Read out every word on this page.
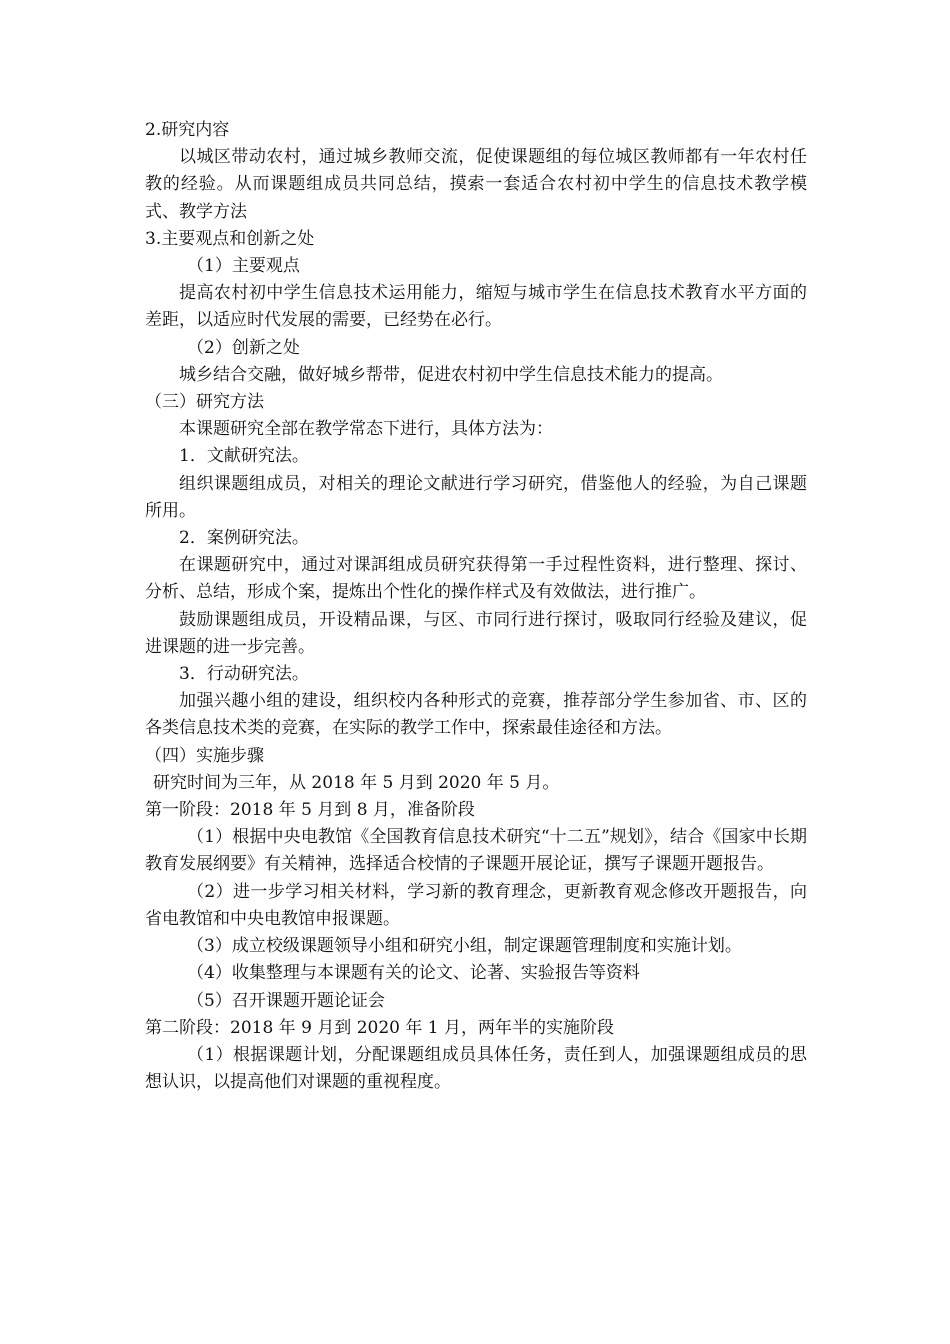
2.研究内容

以城区带动农村，通过城乡教师交流，促使课题组的每位城区教师都有一年农村任教的经验。从而课题组成员共同总结，摸索一套适合农村初中学生的信息技术教学模式、教学方法

3.主要观点和创新之处

（1）主要观点

提高农村初中学生信息技术运用能力，缩短与城市学生在信息技术教育水平方面的差距，以适应时代发展的需要，已经势在必行。

（2）创新之处

城乡结合交融，做好城乡帮带，促进农村初中学生信息技术能力的提高。

（三）研究方法

本课题研究全部在教学常态下进行，具体方法为：

1．文献研究法。

组织课题组成员，对相关的理论文献进行学习研究，借鉴他人的经验，为自己课题所用。

2．案例研究法。

在课题研究中，通过对课誀组成员研究获得第一手过程性资料，进行整理、探讨、分析、总结，形成个案，提炼出个性化的操作样式及有效做法，进行推广。

鼓励课题组成员，开设精品课，与区、市同行进行探讨，吸取同行经验及建议，促进课题的进一步完善。

3．行动研究法。

加强兴趣小组的建设，组织校内各种形式的竞赛，推荐部分学生参加省、市、区的各类信息技术类的竞赛，在实际的教学工作中，探索最佳途径和方法。

（四）实施步骤

研究时间为三年，从 2018 年 5 月到 2020 年 5 月。

第一阶段：2018 年 5 月到 8 月，准备阶段

（1）根据中央电教馆《全国教育信息技术研究“十二五”规划》，结合《国家中长期教育发展纲要》有关精神，选择适合校情的子课题开展论证，撰写子课题开题报告。

（2）进一步学习相关材料，学习新的教育理念，更新教育观念修改开题报告，向省电教馆和中央电教馆申报课题。

（3）成立校级课题领导小组和研究小组，制定课题管理制度和实施计划。

（4）收集整理与本课题有关的论文、论著、实验报告等资料

（5）召开课题开题论证会

第二阶段：2018 年 9 月到 2020 年 1 月，两年半的实施阶段

（1）根据课题计划，分配课题组成员具体任务，责任到人，加强课题组成员的思想认识，以提高他们对课题的重视程度。
